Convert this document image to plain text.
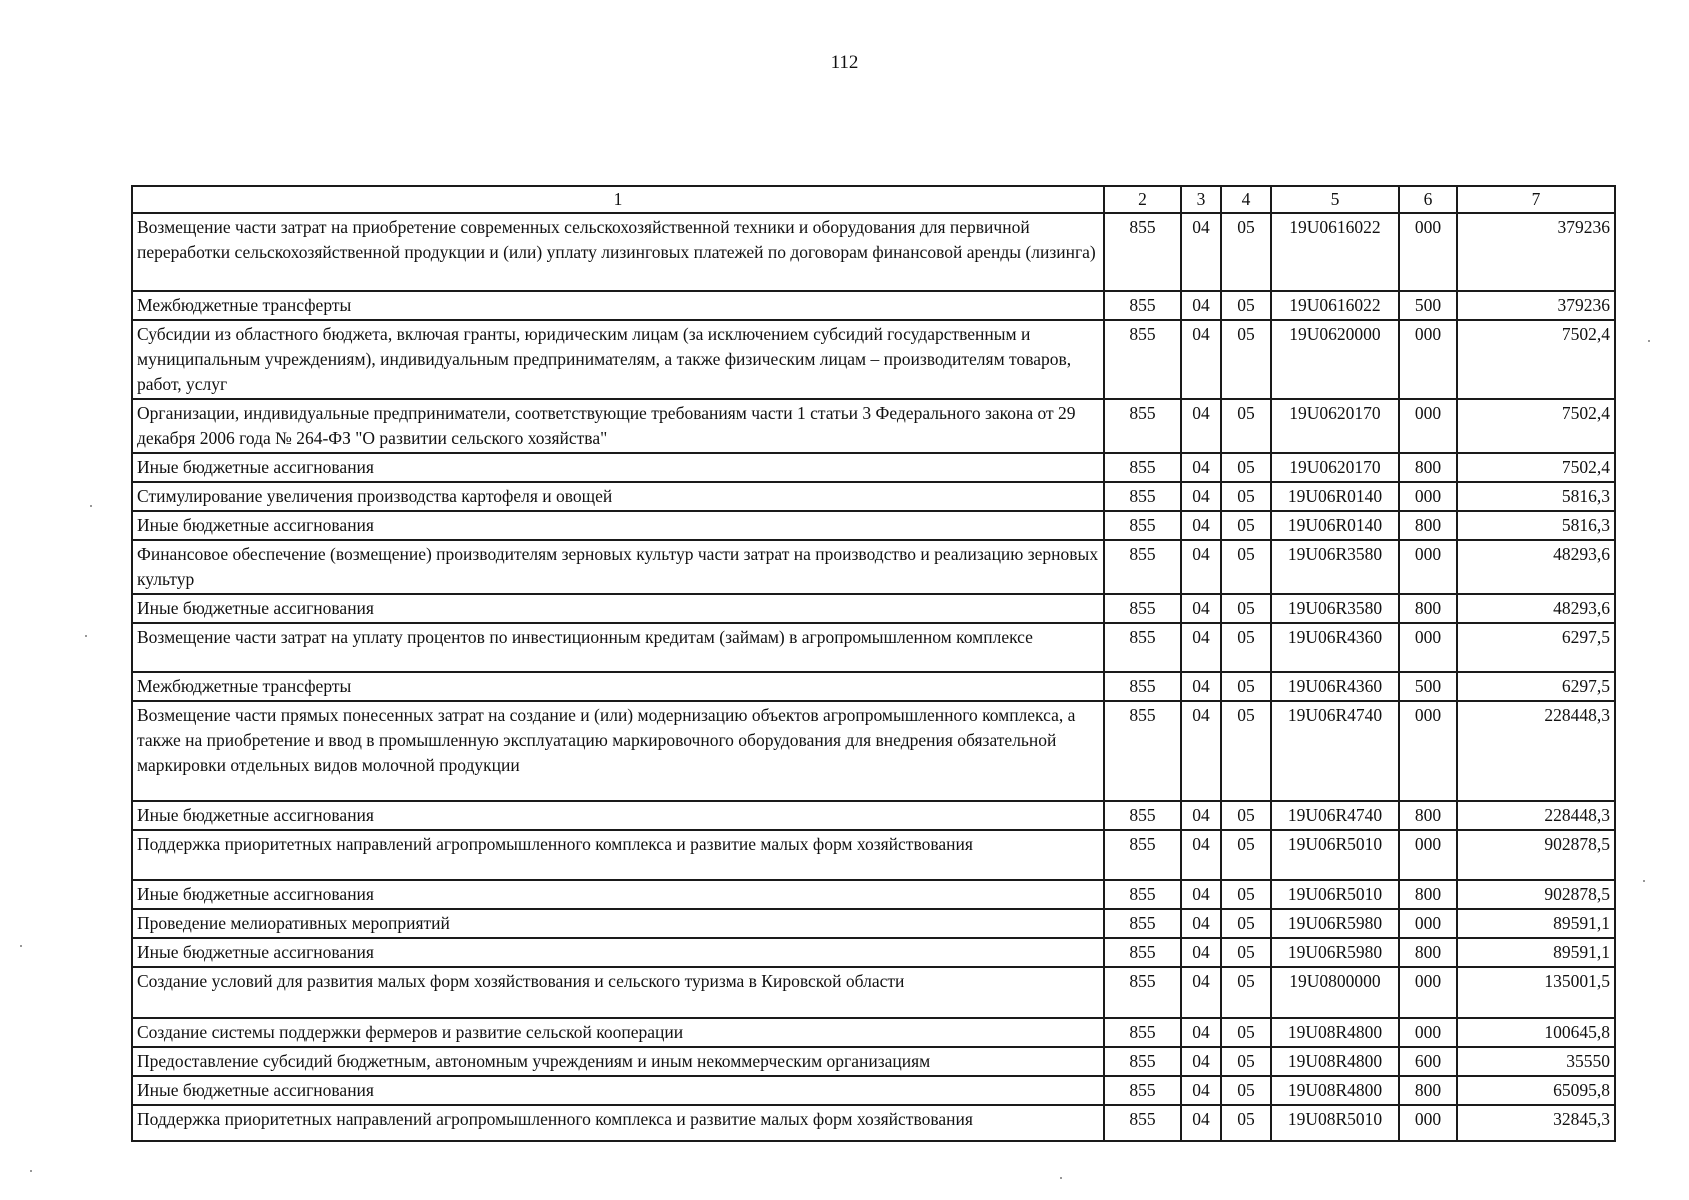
112
1	2	3	4	5	6	7
Возмещение части затрат на приобретение современных сельскохозяйственной техники и оборудования для первичной переработки сельскохозяйственной продукции и (или) уплату лизинговых платежей по договорам финансовой аренды (лизинга)	855	04	05	19U0616022	000	379236
Межбюджетные трансферты	855	04	05	19U0616022	500	379236
Субсидии из областного бюджета, включая гранты, юридическим лицам (за исключением субсидий государственным и муниципальным учреждениям), индивидуальным предпринимателям, а также физическим лицам – производителям товаров, работ, услуг	855	04	05	19U0620000	000	7502,4
Организации, индивидуальные предприниматели, соответствующие требованиям части 1 статьи 3 Федерального закона от 29 декабря 2006 года № 264-ФЗ "О развитии сельского хозяйства"	855	04	05	19U0620170	000	7502,4
Иные бюджетные ассигнования	855	04	05	19U0620170	800	7502,4
Стимулирование увеличения производства картофеля и овощей	855	04	05	19U06R0140	000	5816,3
Иные бюджетные ассигнования	855	04	05	19U06R0140	800	5816,3
Финансовое обеспечение (возмещение) производителям зерновых культур части затрат на производство и реализацию зерновых культур	855	04	05	19U06R3580	000	48293,6
Иные бюджетные ассигнования	855	04	05	19U06R3580	800	48293,6
Возмещение части затрат на уплату процентов по инвестиционным кредитам (займам) в агропромышленном комплексе	855	04	05	19U06R4360	000	6297,5
Межбюджетные трансферты	855	04	05	19U06R4360	500	6297,5
Возмещение части прямых понесенных затрат на создание и (или) модернизацию объектов агропромышленного комплекса, а также на приобретение и ввод в промышленную эксплуатацию маркировочного оборудования для внедрения обязательной маркировки отдельных видов молочной продукции	855	04	05	19U06R4740	000	228448,3
Иные бюджетные ассигнования	855	04	05	19U06R4740	800	228448,3
Поддержка приоритетных направлений агропромышленного комплекса и развитие малых форм хозяйствования	855	04	05	19U06R5010	000	902878,5
Иные бюджетные ассигнования	855	04	05	19U06R5010	800	902878,5
Проведение мелиоративных мероприятий	855	04	05	19U06R5980	000	89591,1
Иные бюджетные ассигнования	855	04	05	19U06R5980	800	89591,1
Создание условий для развития малых форм хозяйствования и сельского туризма в Кировской области	855	04	05	19U0800000	000	135001,5
Создание системы поддержки фермеров и развитие сельской кооперации	855	04	05	19U08R4800	000	100645,8
Предоставление субсидий бюджетным, автономным учреждениям и иным некоммерческим организациям	855	04	05	19U08R4800	600	35550
Иные бюджетные ассигнования	855	04	05	19U08R4800	800	65095,8
Поддержка приоритетных направлений агропромышленного комплекса и развитие малых форм хозяйствования	855	04	05	19U08R5010	000	32845,3
